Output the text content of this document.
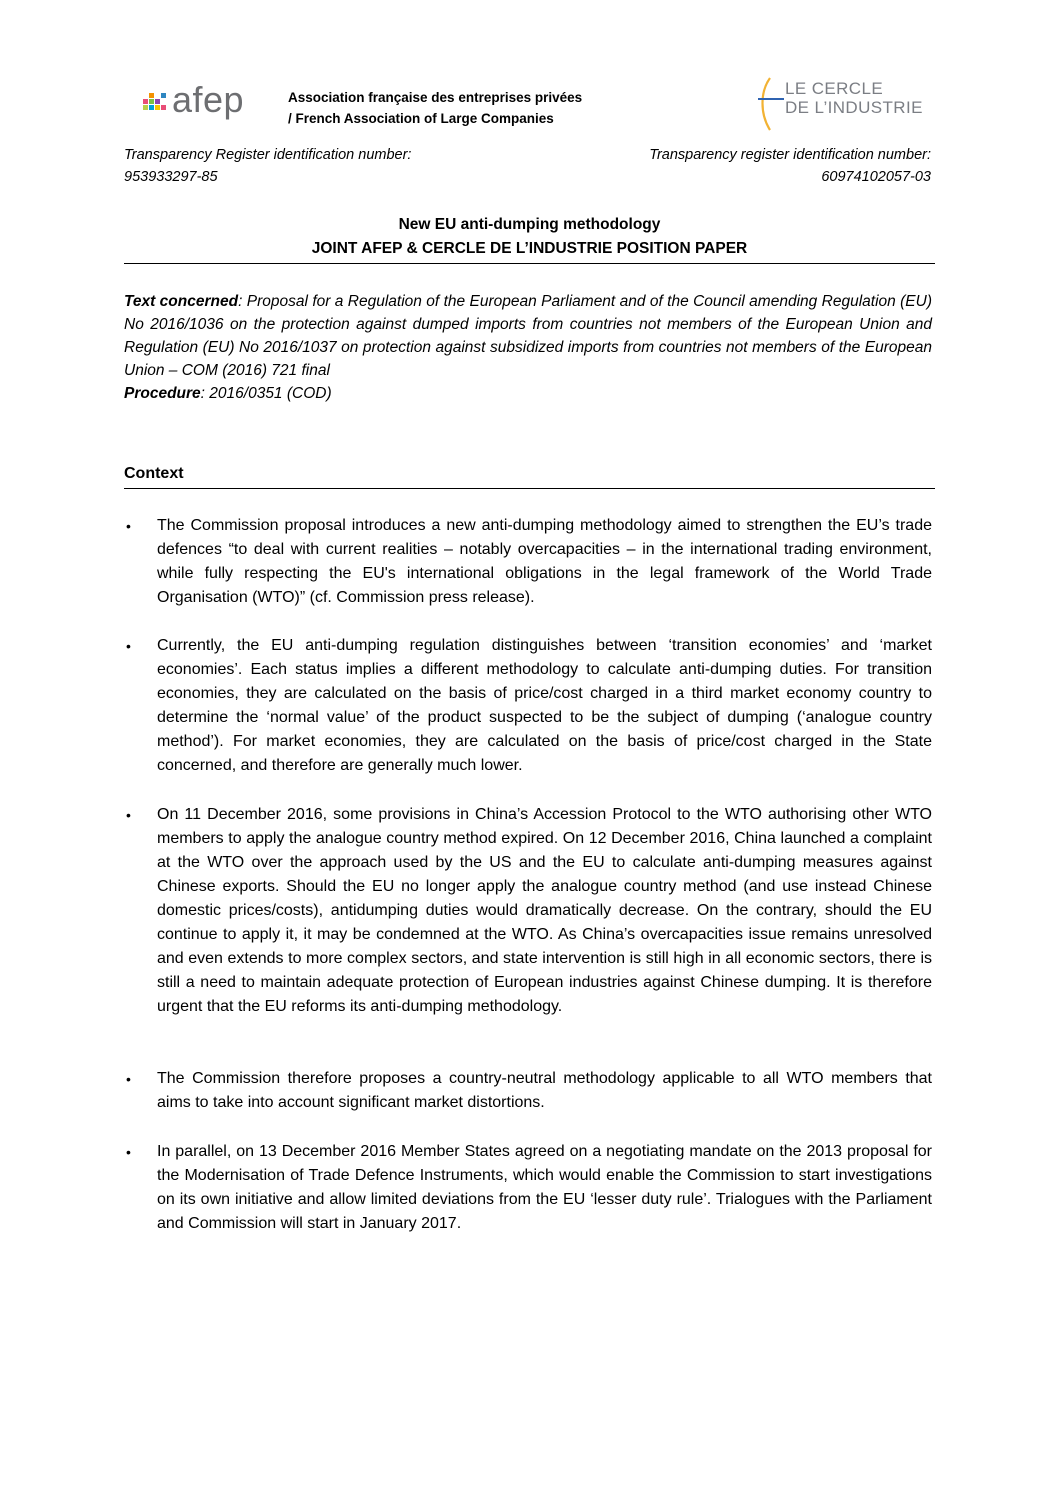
afep	Association française des entreprises privées
/ French Association of Large Companies
LE CERCLE
DE L’INDUSTRIE
Transparency Register identification number:
953933297-85
Transparency register identification number:
60974102057-03
New EU anti-dumping methodology
JOINT AFEP & CERCLE DE L’INDUSTRIE POSITION PAPER
Text concerned: Proposal for a Regulation of the European Parliament and of the Council amending Regulation (EU) No 2016/1036 on the protection against dumped imports from countries not members of the European Union and Regulation (EU) No 2016/1037 on protection against subsidized imports from countries not members of the European Union – COM (2016) 721 final
Procedure: 2016/0351 (COD)
Context
• The Commission proposal introduces a new anti-dumping methodology aimed to strengthen the EU’s trade defences “to deal with current realities – notably overcapacities – in the international trading environment, while fully respecting the EU's international obligations in the legal framework of the World Trade Organisation (WTO)” (cf. Commission press release).
• Currently, the EU anti-dumping regulation distinguishes between ‘transition economies’ and ‘market economies’. Each status implies a different methodology to calculate anti-dumping duties. For transition economies, they are calculated on the basis of price/cost charged in a third market economy country to determine the ‘normal value’ of the product suspected to be the subject of dumping (‘analogue country method’). For market economies, they are calculated on the basis of price/cost charged in the State concerned, and therefore are generally much lower.
• On 11 December 2016, some provisions in China’s Accession Protocol to the WTO authorising other WTO members to apply the analogue country method expired. On 12 December 2016, China launched a complaint at the WTO over the approach used by the US and the EU to calculate anti-dumping measures against Chinese exports. Should the EU no longer apply the analogue country method (and use instead Chinese domestic prices/costs), antidumping duties would dramatically decrease. On the contrary, should the EU continue to apply it, it may be condemned at the WTO. As China’s overcapacities issue remains unresolved and even extends to more complex sectors, and state intervention is still high in all economic sectors, there is still a need to maintain adequate protection of European industries against Chinese dumping. It is therefore urgent that the EU reforms its anti-dumping methodology.
• The Commission therefore proposes a country-neutral methodology applicable to all WTO members that aims to take into account significant market distortions.
• In parallel, on 13 December 2016 Member States agreed on a negotiating mandate on the 2013 proposal for the Modernisation of Trade Defence Instruments, which would enable the Commission to start investigations on its own initiative and allow limited deviations from the EU ‘lesser duty rule’. Trialogues with the Parliament and Commission will start in January 2017.
